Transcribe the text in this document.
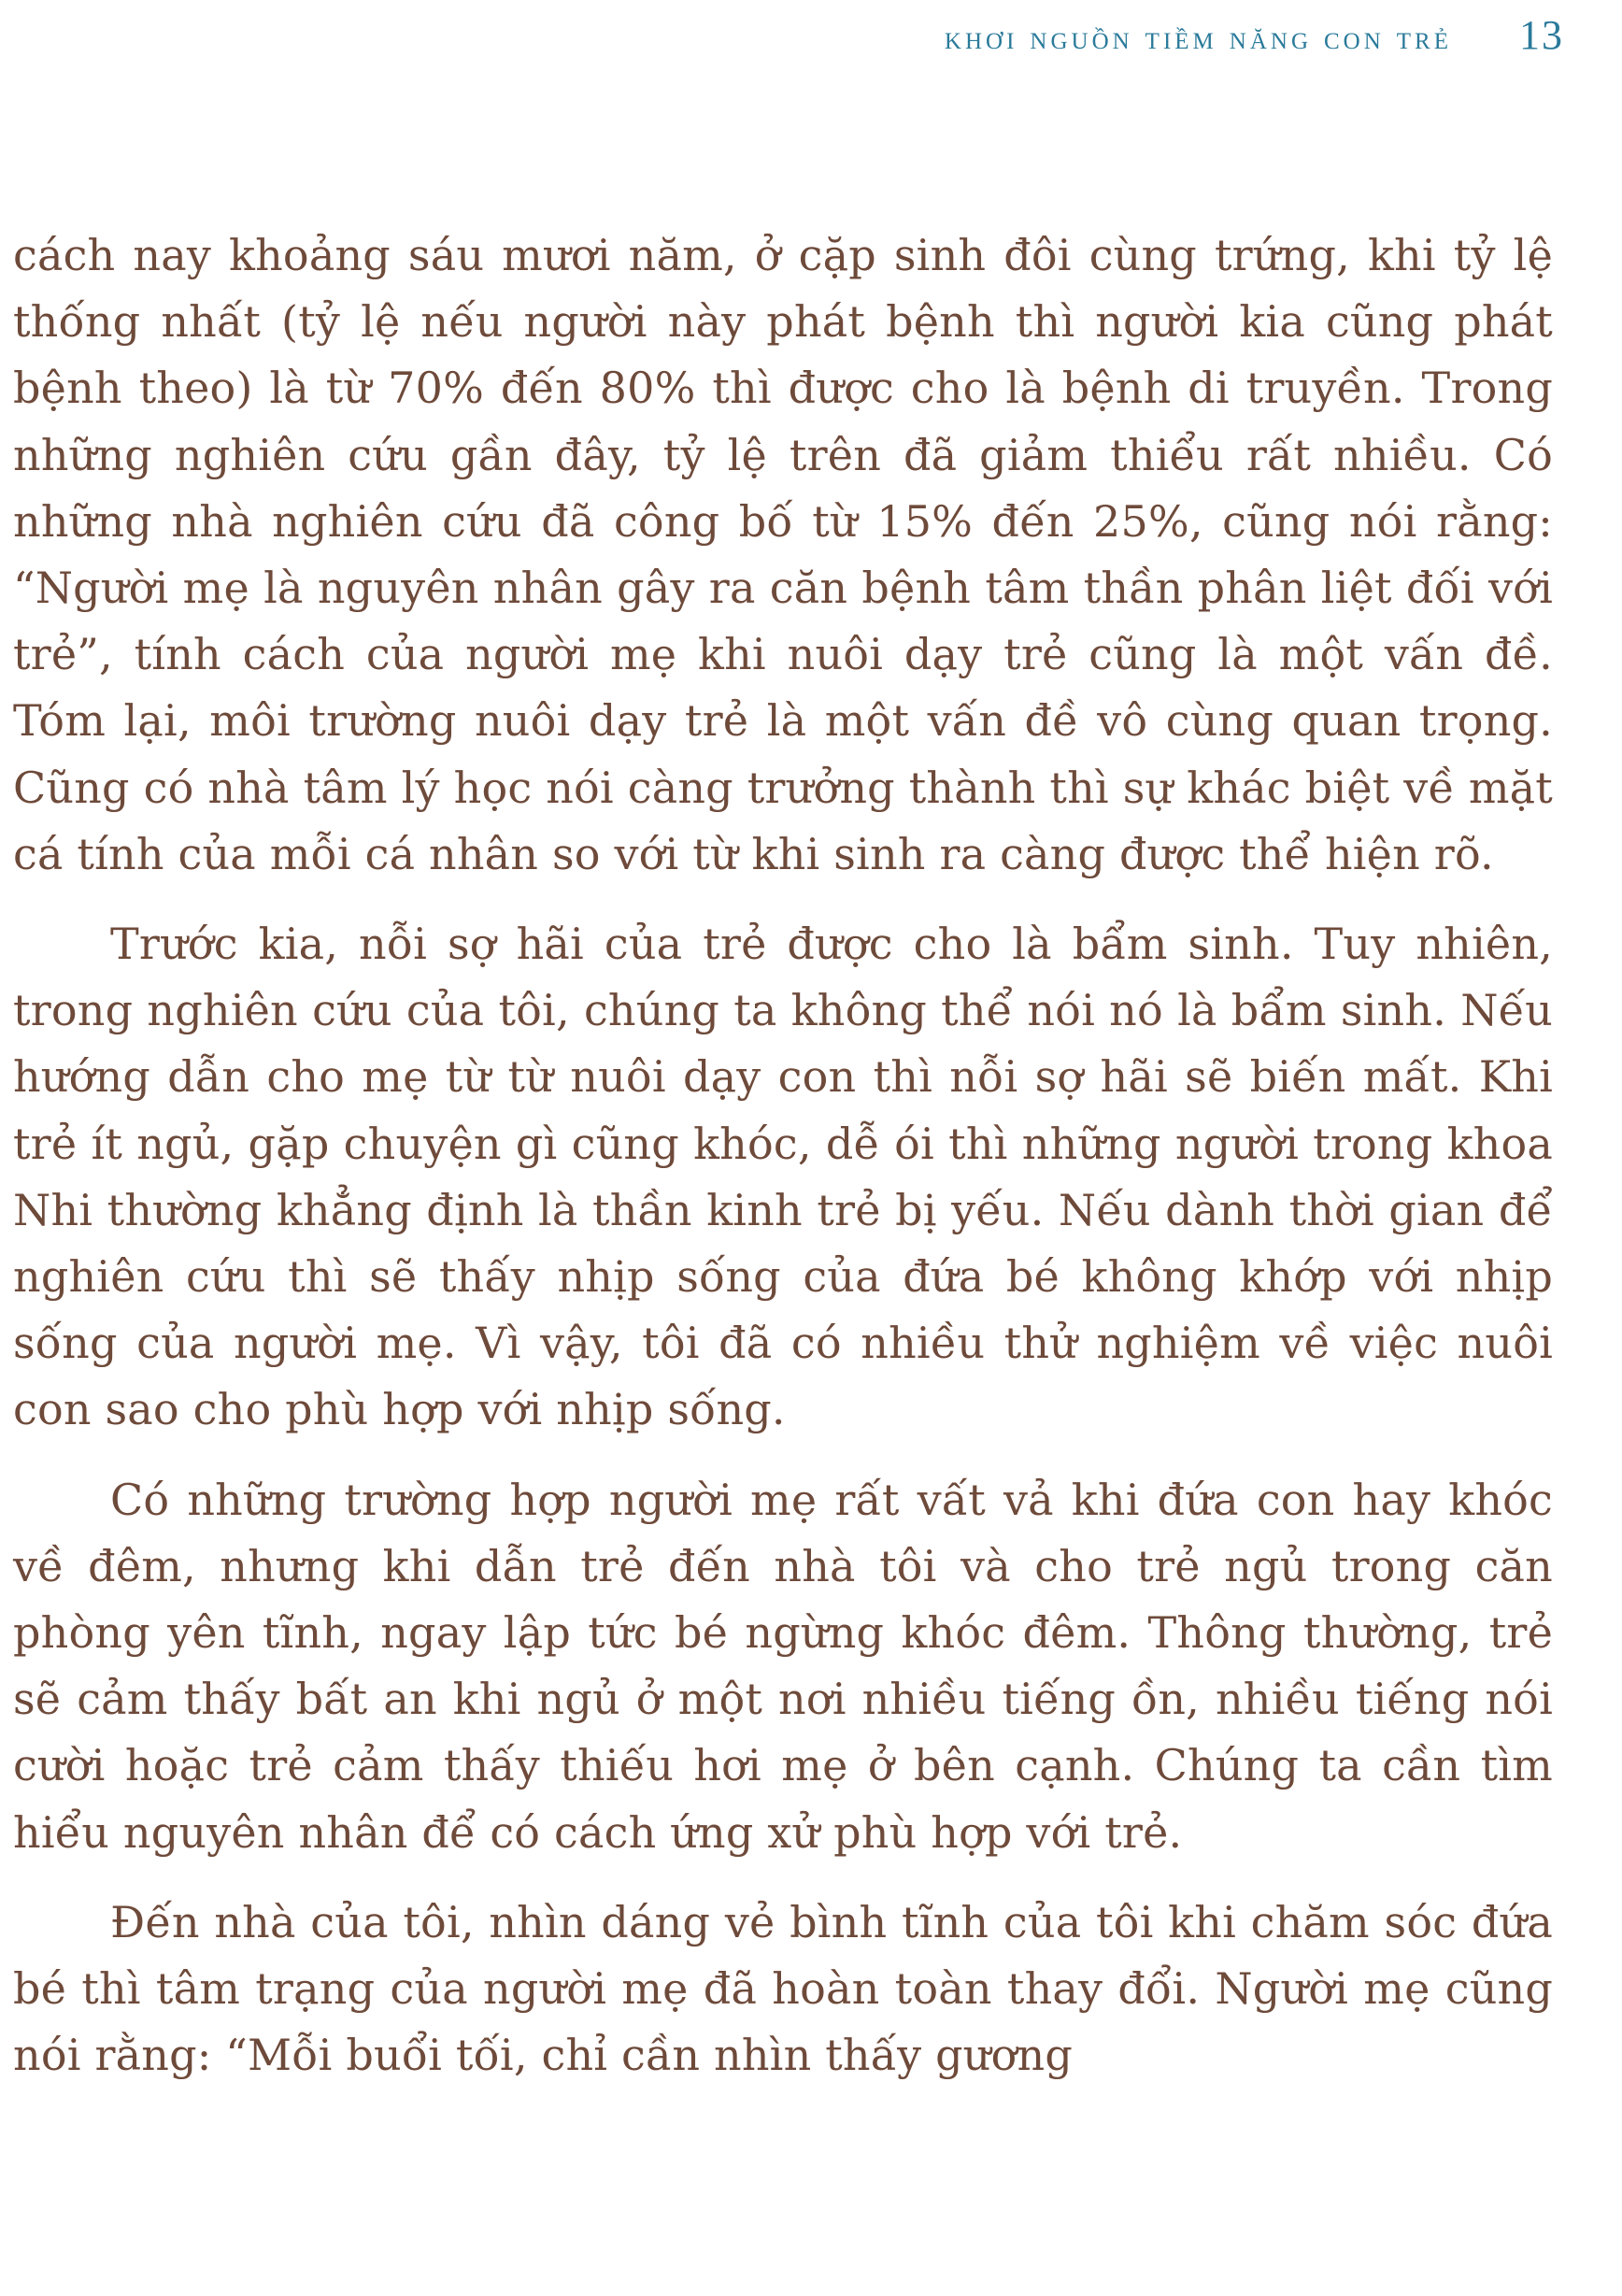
khơi nguồn tiềm năng con trẻ 13

cách nay khoảng sáu mươi năm, ở cặp sinh đôi cùng trứng, khi tỷ lệ thống nhất (tỷ lệ nếu người này phát bệnh thì người kia cũng phát bệnh theo) là từ 70% đến 80% thì được cho là bệnh di truyền. Trong những nghiên cứu gần đây, tỷ lệ trên đã giảm thiểu rất nhiều. Có những nhà nghiên cứu đã công bố từ 15% đến 25%, cũng nói rằng: “Người mẹ là nguyên nhân gây ra căn bệnh tâm thần phân liệt đối với trẻ”, tính cách của người mẹ khi nuôi dạy trẻ cũng là một vấn đề. Tóm lại, môi trường nuôi dạy trẻ là một vấn đề vô cùng quan trọng. Cũng có nhà tâm lý học nói càng trưởng thành thì sự khác biệt về mặt cá tính của mỗi cá nhân so với từ khi sinh ra càng được thể hiện rõ.

Trước kia, nỗi sợ hãi của trẻ được cho là bẩm sinh. Tuy nhiên, trong nghiên cứu của tôi, chúng ta không thể nói nó là bẩm sinh. Nếu hướng dẫn cho mẹ từ từ nuôi dạy con thì nỗi sợ hãi sẽ biến mất. Khi trẻ ít ngủ, gặp chuyện gì cũng khóc, dễ ói thì những người trong khoa Nhi thường khẳng định là thần kinh trẻ bị yếu. Nếu dành thời gian để nghiên cứu thì sẽ thấy nhịp sống của đứa bé không khớp với nhịp sống của người mẹ. Vì vậy, tôi đã có nhiều thử nghiệm về việc nuôi con sao cho phù hợp với nhịp sống.

Có những trường hợp người mẹ rất vất vả khi đứa con hay khóc về đêm, nhưng khi dẫn trẻ đến nhà tôi và cho trẻ ngủ trong căn phòng yên tĩnh, ngay lập tức bé ngừng khóc đêm. Thông thường, trẻ sẽ cảm thấy bất an khi ngủ ở một nơi nhiều tiếng ồn, nhiều tiếng nói cười hoặc trẻ cảm thấy thiếu hơi mẹ ở bên cạnh. Chúng ta cần tìm hiểu nguyên nhân để có cách ứng xử phù hợp với trẻ.

Đến nhà của tôi, nhìn dáng vẻ bình tĩnh của tôi khi chăm sóc đứa bé thì tâm trạng của người mẹ đã hoàn toàn thay đổi. Người mẹ cũng nói rằng: “Mỗi buổi tối, chỉ cần nhìn thấy gương
